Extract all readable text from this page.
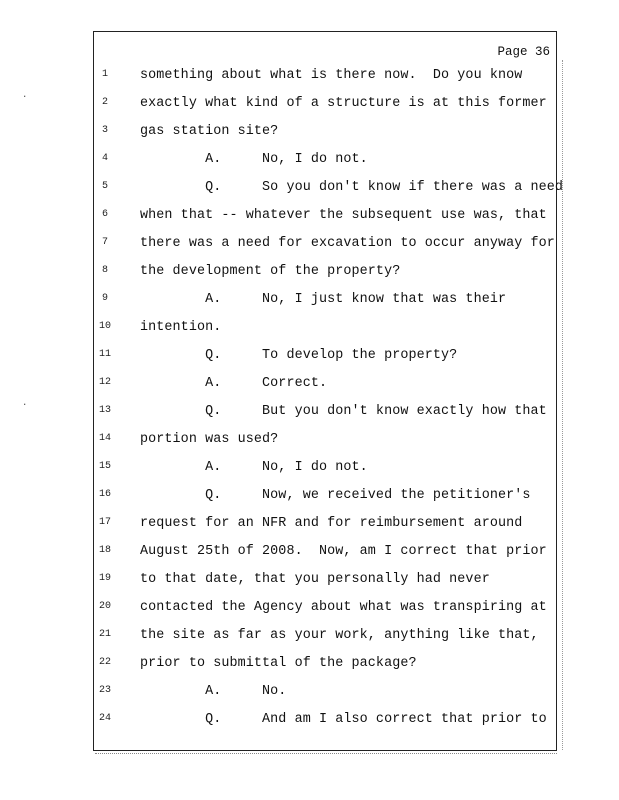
Page 36
1	something about what is there now.  Do you know
2	exactly what kind of a structure is at this former
3	gas station site?
4	A.     No, I do not.
5	Q.     So you don't know if there was a need
6	when that -- whatever the subsequent use was, that
7	there was a need for excavation to occur anyway for
8	the development of the property?
9	A.     No, I just know that was their
10	intention.
11	Q.     To develop the property?
12	A.     Correct.
13	Q.     But you don't know exactly how that
14	portion was used?
15	A.     No, I do not.
16	Q.     Now, we received the petitioner's
17	request for an NFR and for reimbursement around
18	August 25th of 2008.  Now, am I correct that prior
19	to that date, that you personally had never
20	contacted the Agency about what was transpiring at
21	the site as far as your work, anything like that,
22	prior to submittal of the package?
23	A.     No.
24	Q.     And am I also correct that prior to
·
·
